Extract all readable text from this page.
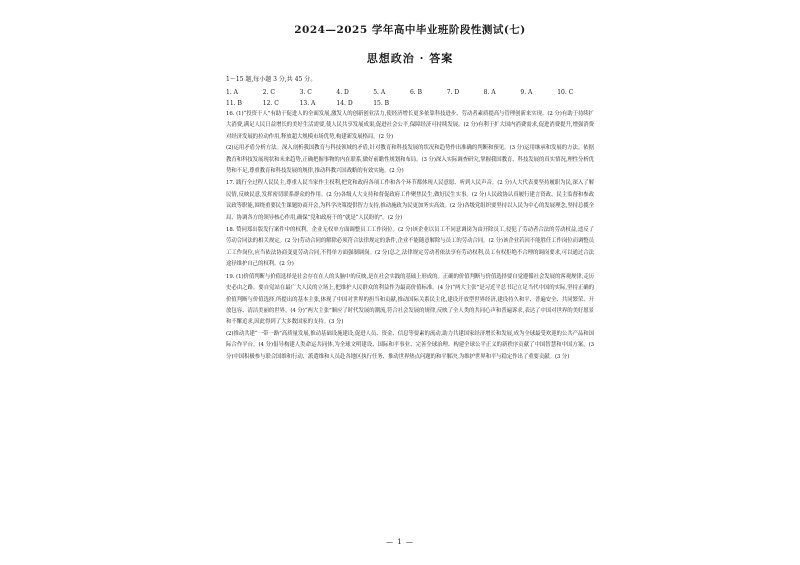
2024—2025 学年高中毕业班阶段性测试(七)
思想政治 · 答案
1～15 题,每小题 3 分,共 45 分。
1. A	2. C	3. C	4. D	5. A	6. B	7. D	8. A	9. A	10. C
11. B	12. C	13. A	14. D	15. B

16. (1)“投资于人”有助于促进人的全面发展,激发人的创新创业活力,使经济增长更多依靠科技进步、劳动者素质提高与管理创新来实现。(2 分)有助于持续扩大消费,满足人民日益增长的美好生活需要,使人民共享发展成果,促进社会公平,保障经济可持续发展。(2 分)有利于扩大国内消费需求,促进消费提升,增强消费对经济发展的拉动作用,释放超大规模市场优势,构建新发展格局。(2 分)

(2)运用矛盾分析方法。深入剖析我国教育与科技领域的矛盾,针对教育和科技发展的状况和趋势作出准确的判断和预见。(3 分)运用继承和发展的方法。依据教育和科技发展现状和未来趋势,正确把握事物的内在联系,做好前瞻性规划和布局。(3 分)深入实际调查研究,掌握我国教育、科技发展的真实情况,理性分析优势和不足,尊重教育和科技发展的规律,推动科教兴国战略的有效实施。(2 分)

17. 践行全过程人民民主,尊重人民当家作主权利,把党和政府各项工作和各个环节都体现人民意愿、听到人民声音。(2 分)人大代表要坚持履职为民,深入了解民情,反映民意,发挥密切联系群众的作用。(2 分)各级人大支持和督促政府工作聚焦民生,做好民生实事。(2 分)人民政协认真履行建言资政、民主监督和参政议政等职能,围绕重要民生课题协商开会,为科学决策提供智力支持,推动施政为民更加务实高效。(2 分)各级党组织要坚持以人民为中心的发展理念,坚持总揽全局、协调各方的领导核心作用,确保“党和政府干的”就是“人民盼的”。(2 分)

18. 赞同郑出版发行案件中的权利。企业无权单方面调整员工工作岗位。(2 分)该企业以员工不同意调岗为由开除员工,侵犯了劳动者合法的劳动权益,违反了劳动合同法的相关规定。(2 分)劳动合同的解除必须符合法律规定的条件,企业不能随意解除与员工的劳动合同。(2 分)该企业若因不能胜任工作岗位而调整员工工作岗位,应当依法协商变更劳动合同,不得单方面强制调岗。(2 分)总之,法律规定劳动者依法享有劳动权利,员工有权拒绝不合理的调岗要求,可以通过合法途径维护自己的权利。(2 分)

19. (1)价值判断与价值选择是社会存在在人的头脑中的反映,是在社会实践的基础上形成的。正确的价值判断与价值选择要自觉遵循社会发展的客观规律,走历史必由之路。要自觉站在最广大人民的立场上,把维护人民群众的利益作为最高价值标准。(4 分)“两大主张”是习近平总书记立足当代中国的实际,坚持正确的价值判断与价值选择,所提出的基本主张,体现了中国对世界的担当和贡献,推动国际关系民主化,建设开放型世界经济,建设持久和平、普遍安全、共同繁荣、开放包容、清洁美丽的世界。(4 分)“两大主张”顺应了时代发展的潮流,符合社会发展的规律,反映了全人类的共同心声和普遍诉求,表达了中国对世界的美好愿景和不懈追求,因此得到了大多数国家的支持。(3 分)

(2)推动共建“一带一路”高质量发展,推动基础设施建设,促进人员、资金、信息等要素的流动,助力共建国家经济增长和发展,成为全球最受欢迎的公共产品和国际合作平台。(4 分)倡导构建人类命运共同体,为全球文明建设、国际和平事业、完善全球治理、构建全球公平正义的新秩序贡献了中国智慧和中国方案。(3 分)中国积极参与联合国维和行动、派遣维和人员赴各地区执行任务、推动世界热点问题的和平解决,为维护世界和平与稳定作出了重要贡献。(3 分)

— 1 —
